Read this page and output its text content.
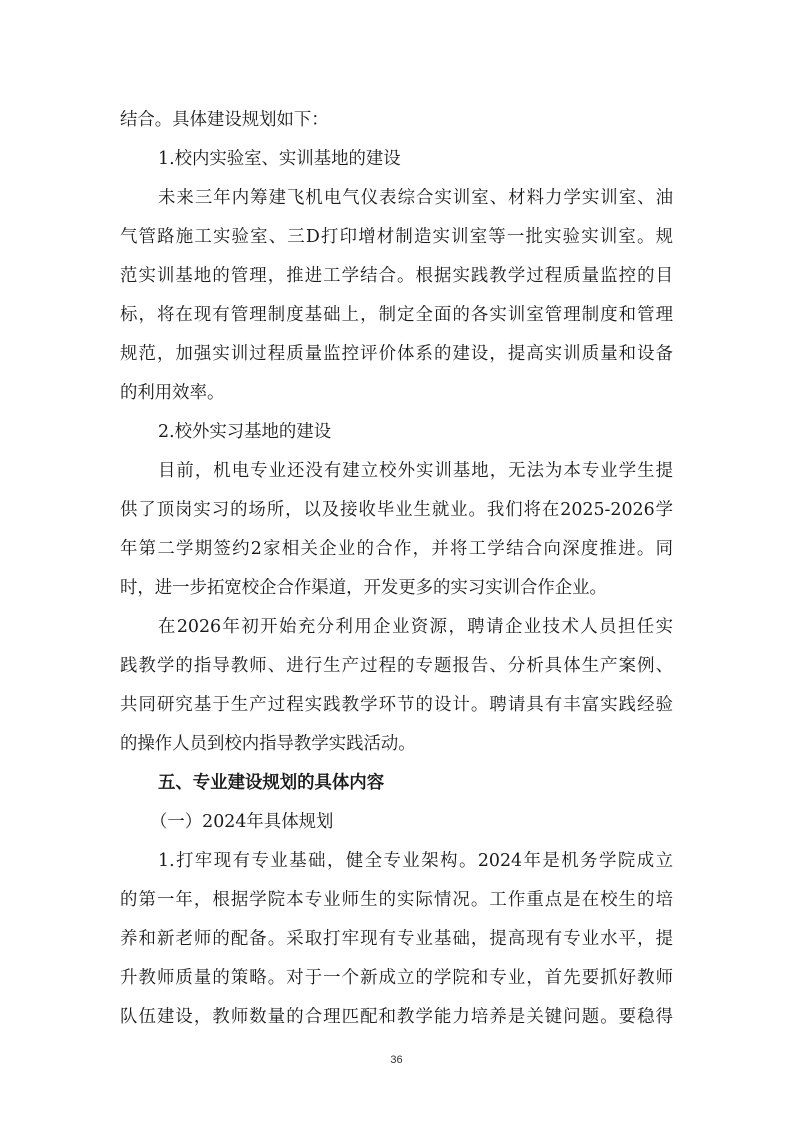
结合。具体建设规划如下：

1.校内实验室、实训基地的建设

未来三年内筹建飞机电气仪表综合实训室、材料力学实训室、油

气管路施工实验室、三D打印增材制造实训室等一批实验实训室。规

范实训基地的管理，推进工学结合。根据实践教学过程质量监控的目

标，将在现有管理制度基础上，制定全面的各实训室管理制度和管理

规范，加强实训过程质量监控评价体系的建设，提高实训质量和设备

的利用效率。

2.校外实习基地的建设

目前，机电专业还没有建立校外实训基地，无法为本专业学生提

供了顶岗实习的场所，以及接收毕业生就业。我们将在2025-2026学

年第二学期签约2家相关企业的合作，并将工学结合向深度推进。同

时，进一步拓宽校企合作渠道，开发更多的实习实训合作企业。

在2026年初开始充分利用企业资源，聘请企业技术人员担任实

践教学的指导教师、进行生产过程的专题报告、分析具体生产案例、

共同研究基于生产过程实践教学环节的设计。聘请具有丰富实践经验

的操作人员到校内指导教学实践活动。

五、专业建设规划的具体内容

（一）2024年具体规划

1.打牢现有专业基础，健全专业架构。2024年是机务学院成立

的第一年，根据学院本专业师生的实际情况。工作重点是在校生的培

养和新老师的配备。采取打牢现有专业基础，提高现有专业水平，提

升教师质量的策略。对于一个新成立的学院和专业，首先要抓好教师

队伍建设，教师数量的合理匹配和教学能力培养是关键问题。要稳得

36
